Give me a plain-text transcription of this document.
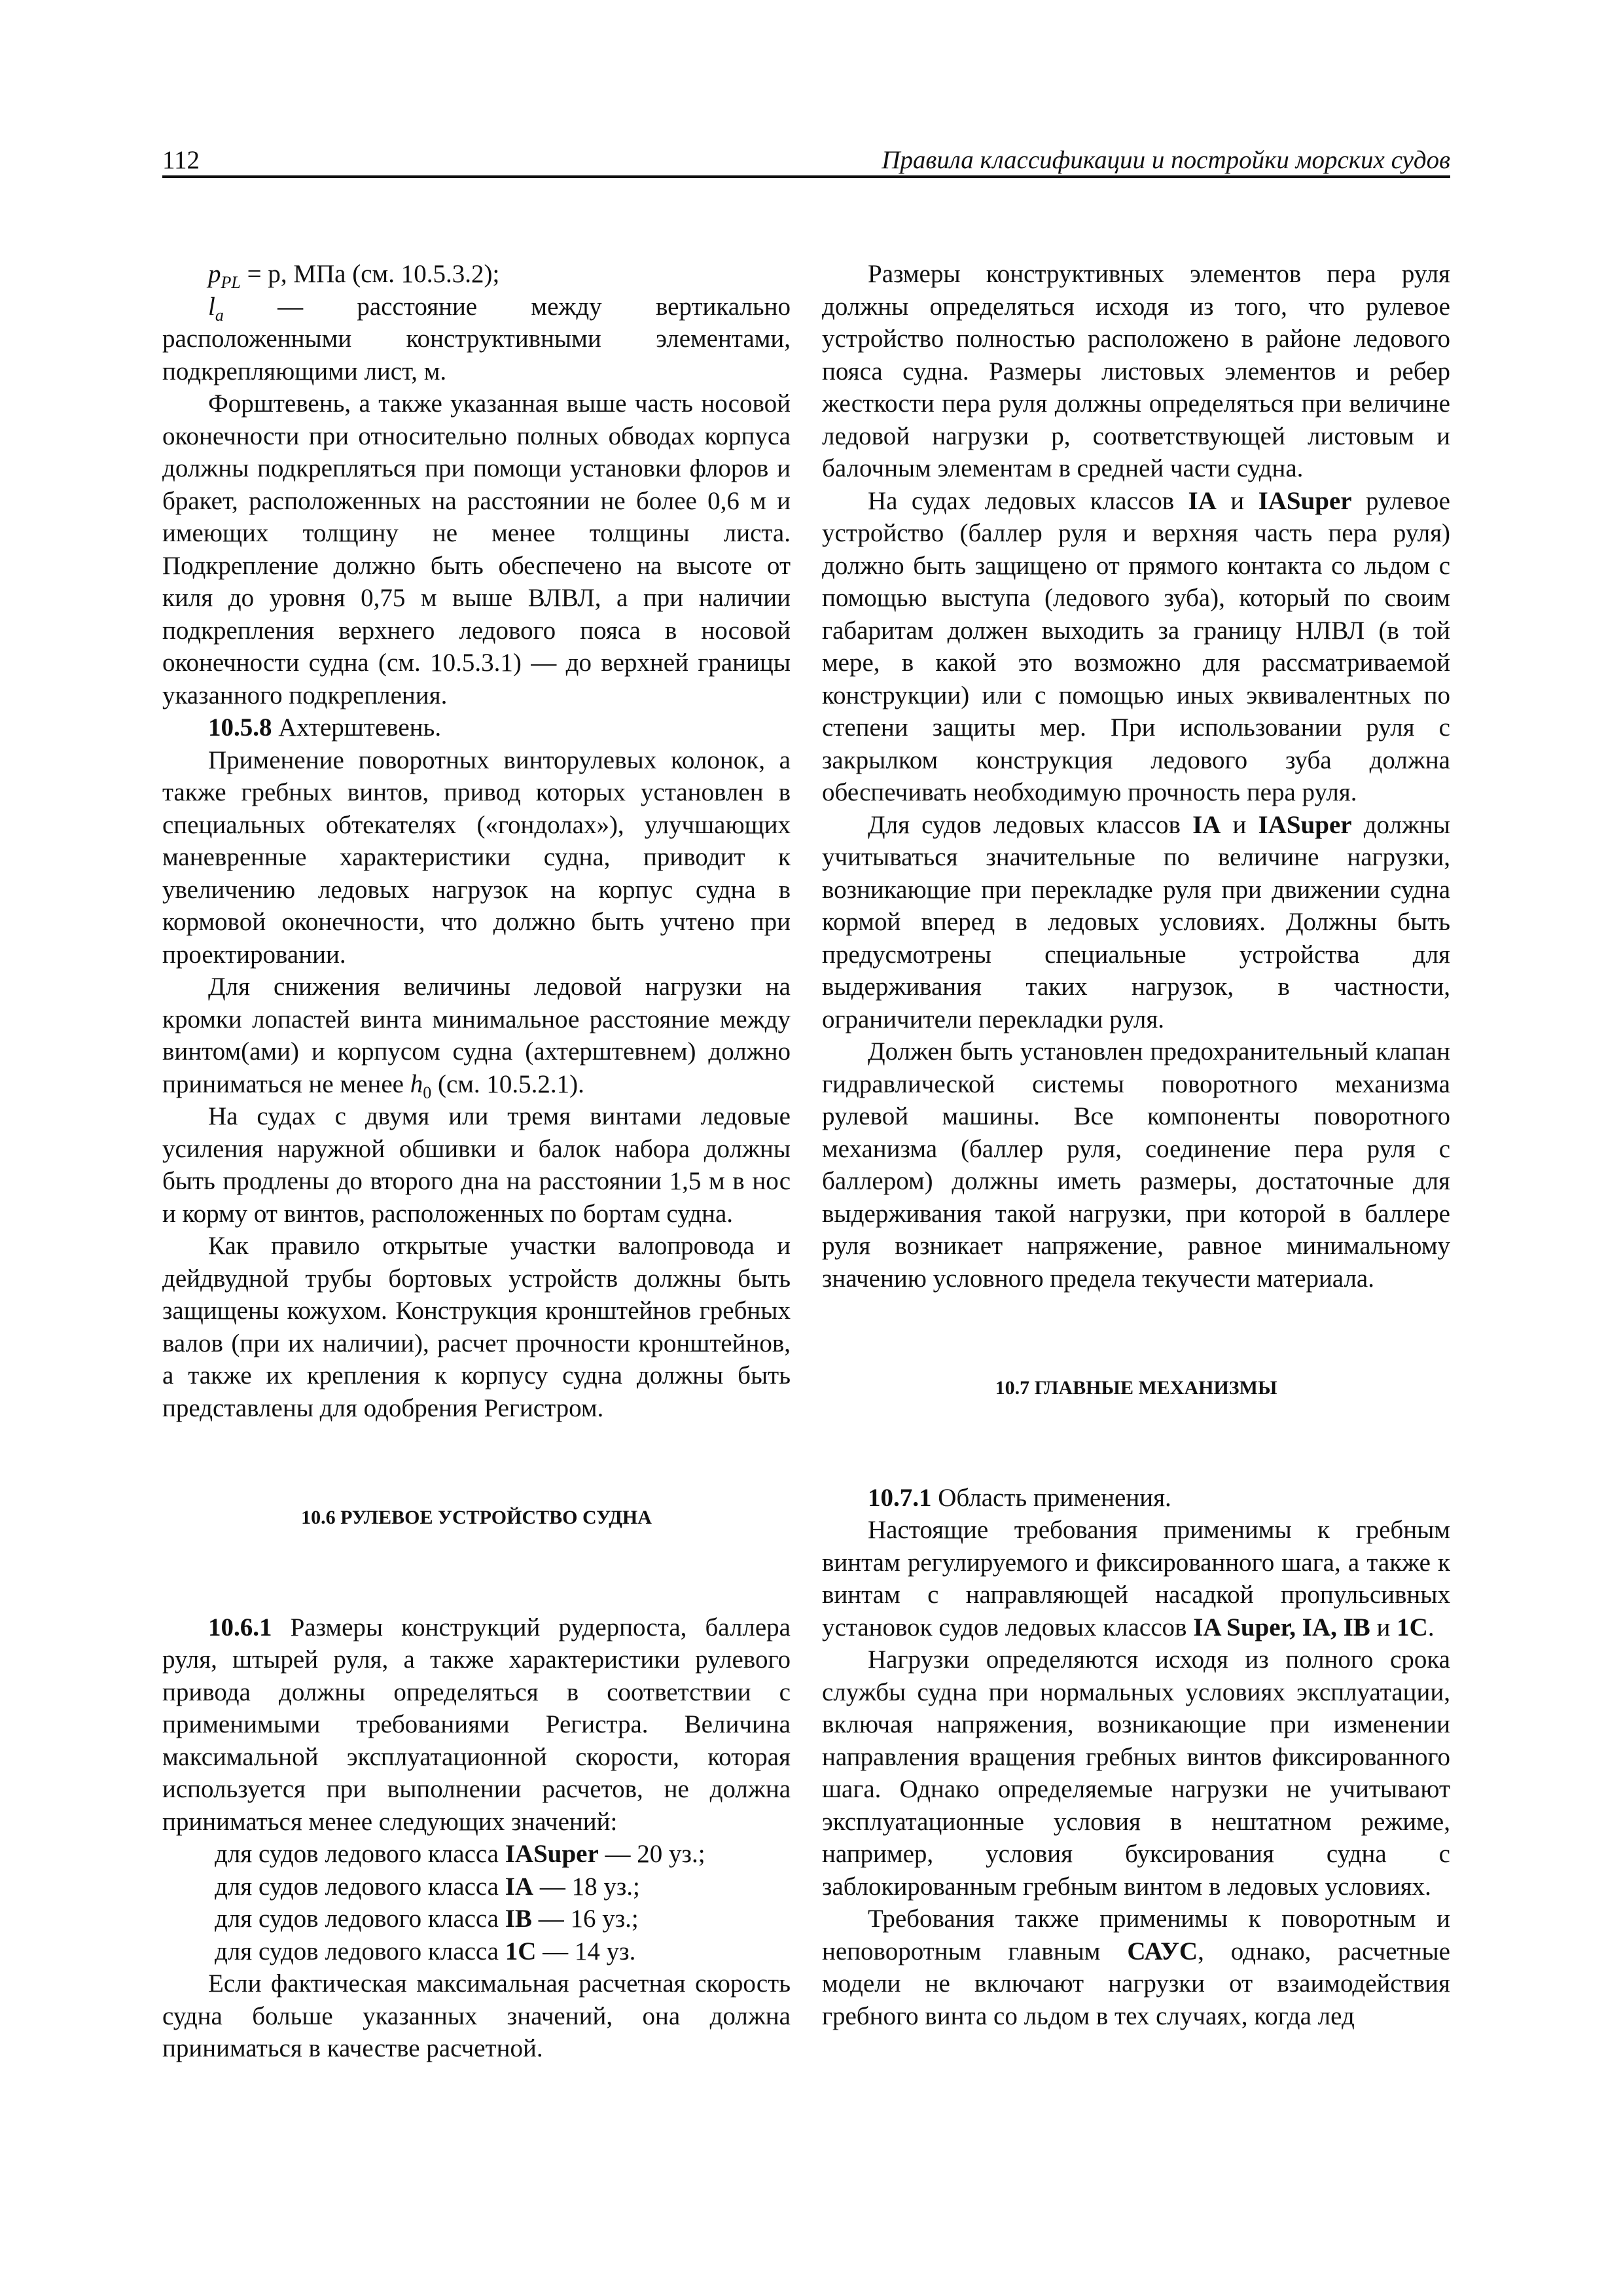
112	Правила классификации и постройки морских судов
$p_{PL} = p$, МПа (см. 10.5.3.2);

$l_a$ — расстояние между вертикально расположенными конструктивными элементами, подкрепляющими лист, м.

Форштевень, а также указанная выше часть носовой оконечности при относительно полных обводах корпуса должны подкрепляться при помощи установки флоров и бракет, расположенных на расстоянии не более 0,6 м и имеющих толщину не менее толщины листа. Подкрепление должно быть обеспечено на высоте от киля до уровня 0,75 м выше ВЛВЛ, а при наличии подкрепления верхнего ледового пояса в носовой оконечности судна (см. 10.5.3.1) — до верхней границы указанного подкрепления.

10.5.8 Ахтерштевень.

Применение поворотных винторулевых колонок, а также гребных винтов, привод которых установлен в специальных обтекателях («гондолах»), улучшающих маневренные характеристики судна, приводит к увеличению ледовых нагрузок на корпус судна в кормовой оконечности, что должно быть учтено при проектировании.

Для снижения величины ледовой нагрузки на кромки лопастей винта минимальное расстояние между винтом(ами) и корпусом судна (ахтерштевнем) должно приниматься не менее $h_0$ (см. 10.5.2.1).

На судах с двумя или тремя винтами ледовые усиления наружной обшивки и балок набора должны быть продлены до второго дна на расстоянии 1,5 м в нос и корму от винтов, расположенных по бортам судна.

Как правило открытые участки валопровода и дейдвудной трубы бортовых устройств должны быть защищены кожухом. Конструкция кронштейнов гребных валов (при их наличии), расчет прочности кронштейнов, а также их крепления к корпусу судна должны быть представлены для одобрения Регистром.

10.6 РУЛЕВОЕ УСТРОЙСТВО СУДНА

10.6.1 Размеры конструкций рудерпоста, баллера руля, штырей руля, а также характеристики рулевого привода должны определяться в соответствии с применимыми требованиями Регистра. Величина максимальной эксплуатационной скорости, которая используется при выполнении расчетов, не должна приниматься менее следующих значений:

для судов ледового класса IASuper — 20 уз.;
для судов ледового класса IA — 18 уз.;
для судов ледового класса IB — 16 уз.;
для судов ледового класса 1C — 14 уз.

Если фактическая максимальная расчетная скорость судна больше указанных значений, она должна приниматься в качестве расчетной.

Размеры конструктивных элементов пера руля должны определяться исходя из того, что рулевое устройство полностью расположено в районе ледового пояса судна. Размеры листовых элементов и ребер жесткости пера руля должны определяться при величине ледовой нагрузки p, соответствующей листовым и балочным элементам в средней части судна.

На судах ледовых классов IA и IASuper рулевое устройство (баллер руля и верхняя часть пера руля) должно быть защищено от прямого контакта со льдом с помощью выступа (ледового зуба), который по своим габаритам должен выходить за границу НЛВЛ (в той мере, в какой это возможно для рассматриваемой конструкции) или с помощью иных эквивалентных по степени защиты мер. При использовании руля с закрылком конструкция ледового зуба должна обеспечивать необходимую прочность пера руля.

Для судов ледовых классов IA и IASuper должны учитываться значительные по величине нагрузки, возникающие при перекладке руля при движении судна кормой вперед в ледовых условиях. Должны быть предусмотрены специальные устройства для выдерживания таких нагрузок, в частности, ограничители перекладки руля.

Должен быть установлен предохранительный клапан гидравлической системы поворотного механизма рулевой машины. Все компоненты поворотного механизма (баллер руля, соединение пера руля с баллером) должны иметь размеры, достаточные для выдерживания такой нагрузки, при которой в баллере руля возникает напряжение, равное минимальному значению условного предела текучести материала.

10.7 ГЛАВНЫЕ МЕХАНИЗМЫ
10.7.1 Область применения.

Настоящие требования применимы к гребным винтам регулируемого и фиксированного шага, а также к винтам с направляющей насадкой пропульсивных установок судов ледовых классов IA Super, IA, IB и 1C.

Нагрузки определяются исходя из полного срока службы судна при нормальных условиях эксплуатации, включая напряжения, возникающие при изменении направления вращения гребных винтов фиксированного шага. Однако определяемые нагрузки не учитывают эксплуатационные условия в нештатном режиме, например, условия буксирования судна с заблокированным гребным винтом в ледовых условиях.

Требования также применимы к поворотным и неповоротным главным САУС, однако, расчетные модели не включают нагрузки от взаимодействия гребного винта со льдом в тех случаях, когда лед
